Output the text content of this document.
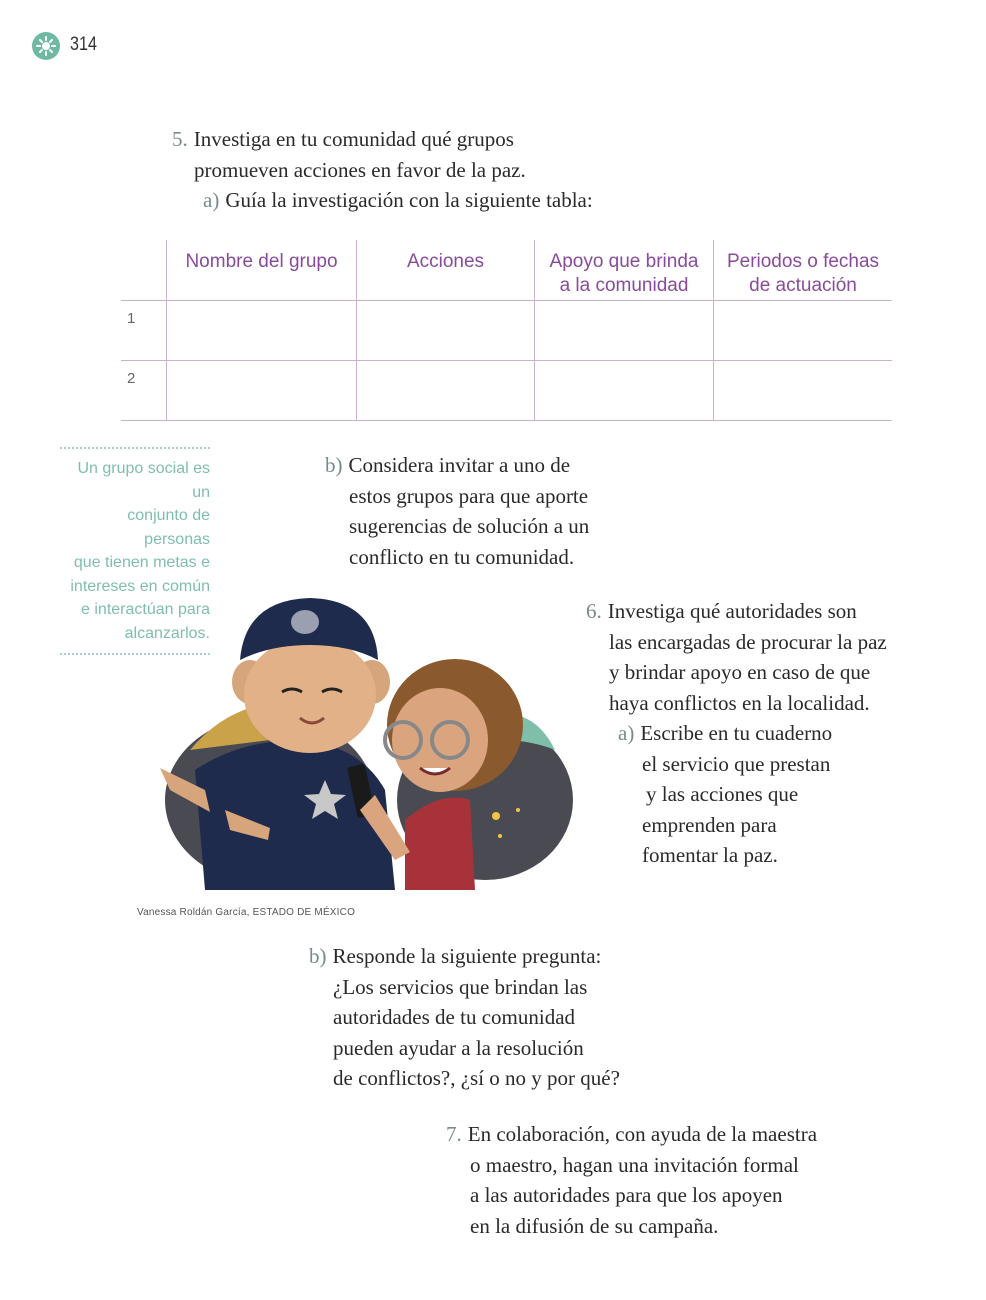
314
5. Investiga en tu comunidad qué grupos
promueven acciones en favor de la paz.
a) Guía la investigación con la siguiente tabla:
Nombre del grupo	Acciones	Apoyo que brinda
a la comunidad
Periodos o fechas
de actuación
1
2
Un grupo social es un
conjunto de personas
que tienen metas e
intereses en común
e interactúan para
alcanzarlos.
b) Considera invitar a uno de
estos grupos para que aporte
sugerencias de solución a un
conflicto en tu comunidad.
Vanessa Roldán García, ESTADO DE MÉXICO
6. Investiga qué autoridades son
las encargadas de procurar la paz
y brindar apoyo en caso de que
haya conflictos en la localidad.
a) Escribe en tu cuaderno
el servicio que prestan
y las acciones que
emprenden para
fomentar la paz.
b) Responde la siguiente pregunta:
¿Los servicios que brindan las
autoridades de tu comunidad
pueden ayudar a la resolución
de conflictos?, ¿sí o no y por qué?
7. En colaboración, con ayuda de la maestra
o maestro, hagan una invitación formal
a las autoridades para que los apoyen
en la difusión de su campaña.
